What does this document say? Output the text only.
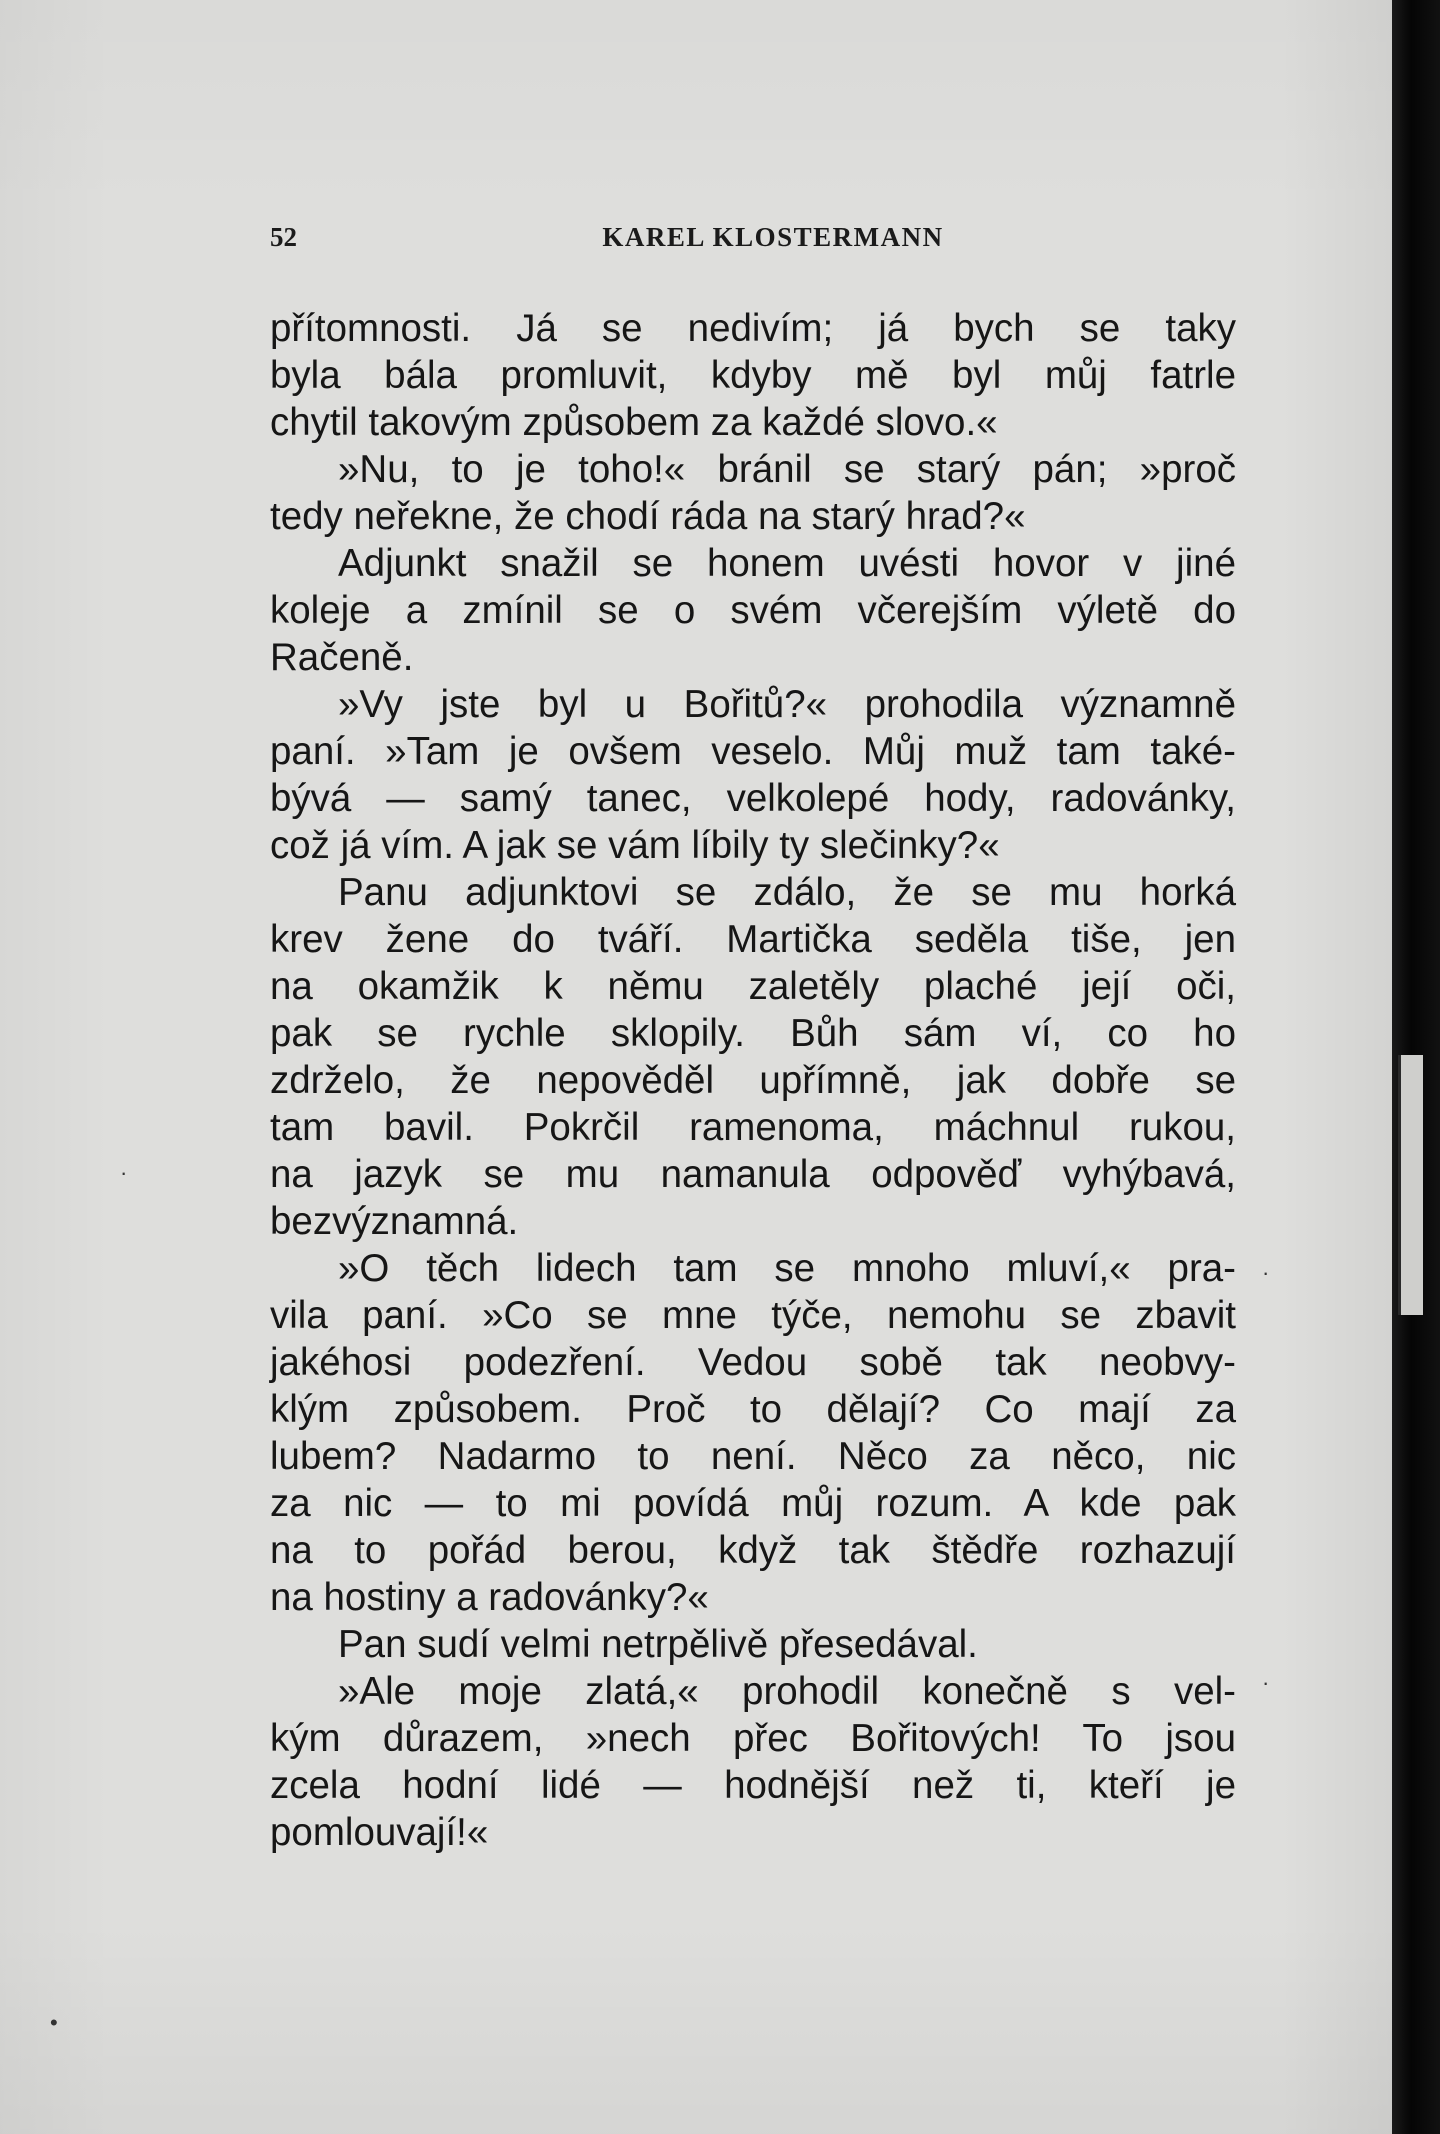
52	KAREL KLOSTERMANN
přítomnosti. Já se nedivím; já bych se taky
byla bála promluvit, kdyby mě byl můj fatrle
chytil takovým způsobem za každé slovo.«
»Nu, to je toho!« bránil se starý pán; »proč
tedy neřekne, že chodí ráda na starý hrad?«
Adjunkt snažil se honem uvésti hovor v jiné
koleje a zmínil se o svém včerejším výletě do
Račeně.
»Vy jste byl u Bořitů?« prohodila významně
paní. »Tam je ovšem veselo. Můj muž tam také-
bývá — samý tanec, velkolepé hody, radovánky,
což já vím. A jak se vám líbily ty slečinky?«
Panu adjunktovi se zdálo, že se mu horká
krev žene do tváří. Martička seděla tiše, jen
na okamžik k němu zaletěly plaché její oči,
pak se rychle sklopily. Bůh sám ví, co ho
zdrželo, že nepověděl upřímně, jak dobře se
tam bavil. Pokrčil ramenoma, máchnul rukou,
na jazyk se mu namanula odpověď vyhýbavá,
bezvýznamná.
»O těch lidech tam se mnoho mluví,« pra-
vila paní. »Co se mne týče, nemohu se zbavit
jakéhosi podezření. Vedou sobě tak neobvy-
klým způsobem. Proč to dělají? Co mají za
lubem? Nadarmo to není. Něco za něco, nic
za nic — to mi povídá můj rozum. A kde pak
na to pořád berou, když tak štědře rozhazují
na hostiny a radovánky?«
Pan sudí velmi netrpělivě přesedával.
»Ale moje zlatá,« prohodil konečně s vel-
kým důrazem, »nech přec Bořitových! To jsou
zcela hodní lidé — hodnější než ti, kteří je
pomlouvají!«
·
·
·
•
